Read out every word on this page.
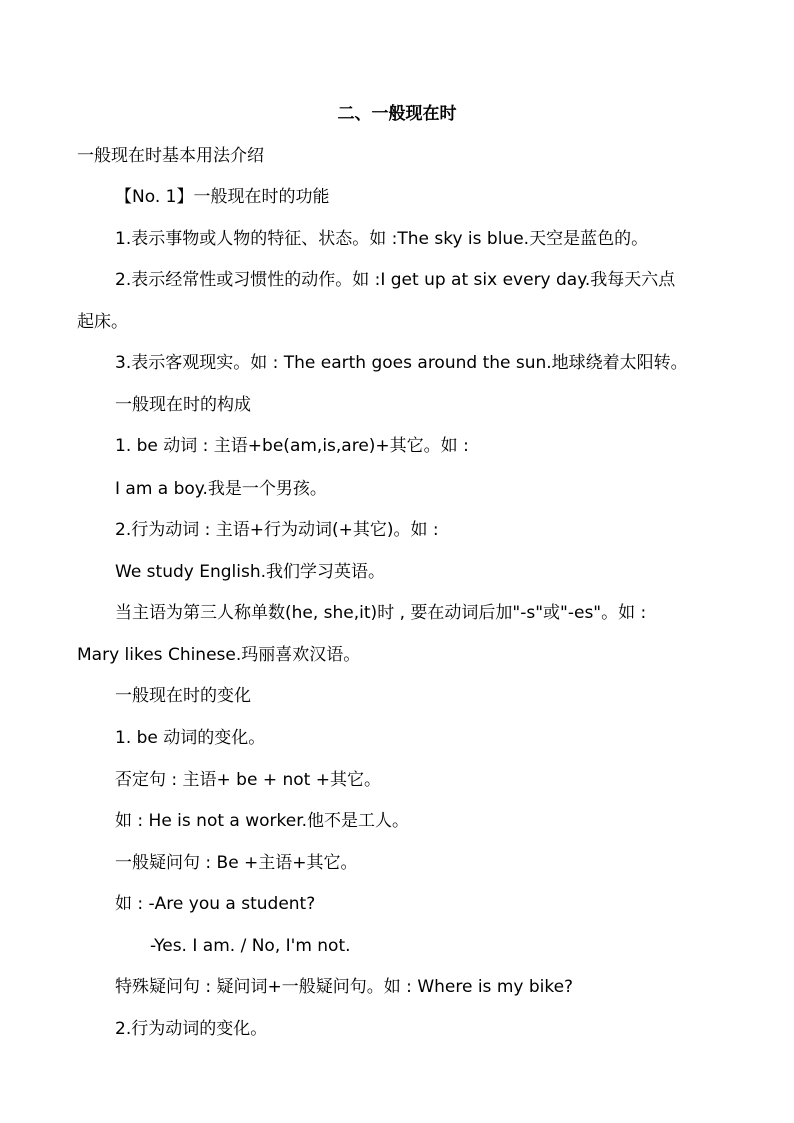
二、一般现在时
一般现在时基本用法介绍
【No. 1】一般现在时的功能
1.表示事物或人物的特征、状态。如 :The sky is blue.天空是蓝色的。
2.表示经常性或习惯性的动作。如 :I get up at six every day.我每天六点
起床。
3.表示客观现实。如 : The earth goes around the sun.地球绕着太阳转。
一般现在时的构成
1. be 动词 : 主语+be(am,is,are)+其它。如 :
I am a boy.我是一个男孩。
2.行为动词 : 主语+行为动词(+其它)。如 :
We study English.我们学习英语。
当主语为第三人称单数(he, she,it)时 , 要在动词后加"-s"或"-es"。如 :
Mary likes Chinese.玛丽喜欢汉语。
一般现在时的变化
1. be 动词的变化。
否定句 : 主语+ be + not +其它。
如 : He is not a worker.他不是工人。
一般疑问句 : Be +主语+其它。
如 : -Are you a student?
-Yes. I am. / No, I'm not.
特殊疑问句 : 疑问词+一般疑问句。如 : Where is my bike?
2.行为动词的变化。
